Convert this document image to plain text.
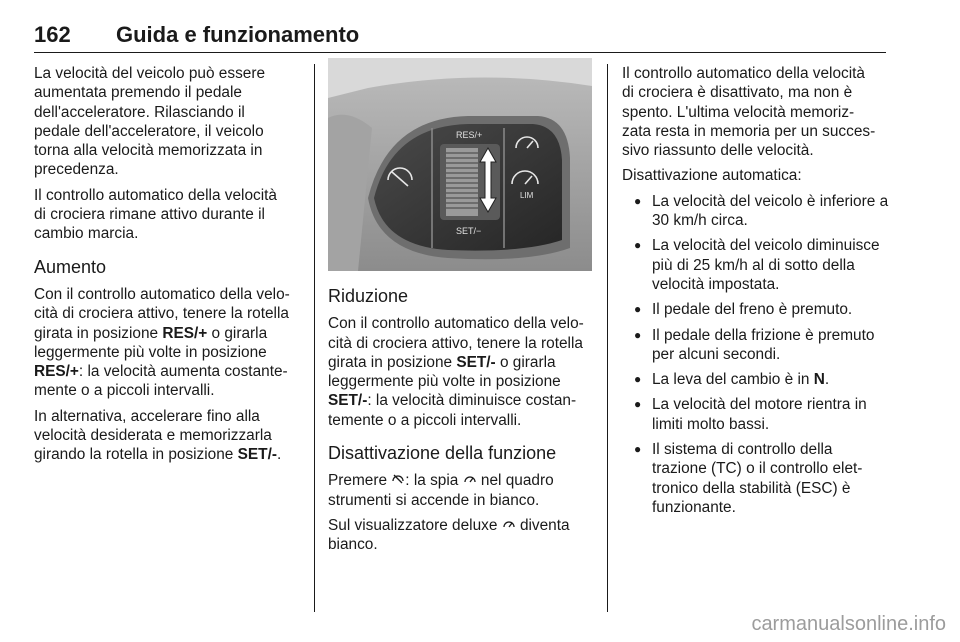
162 Guida e funzionamento

La velocità del veicolo può essere
aumentata premendo il pedale
dell'acceleratore. Rilasciando il
pedale dell'acceleratore, il veicolo
torna alla velocità memorizzata in
precedenza.

Il controllo automatico della velocità
di crociera rimane attivo durante il
cambio marcia.

Aumento

Con il controllo automatico della velo-
cità di crociera attivo, tenere la rotella
girata in posizione RES/+ o girarla
leggermente più volte in posizione
RES/+: la velocità aumenta costante-
mente o a piccoli intervalli.

In alternativa, accelerare fino alla
velocità desiderata e memorizzarla
girando la rotella in posizione SET/-.

RES/+
SET/−
LIM
Riduzione

Con il controllo automatico della velo-
cità di crociera attivo, tenere la rotella
girata in posizione SET/- o girarla
leggermente più volte in posizione
SET/-: la velocità diminuisce costan-
temente o a piccoli intervalli.

Disattivazione della funzione

Premere : la spia  nel quadro
strumenti si accende in bianco.

Sul visualizzatore deluxe  diventa
bianco.

Il controllo automatico della velocità
di crociera è disattivato, ma non è
spento. L'ultima velocità memoriz-
zata resta in memoria per un succes-
sivo riassunto delle velocità.

Disattivazione automatica:

● La velocità del veicolo è inferiore a 30 km/h circa.
● La velocità del veicolo diminuisce più di 25 km/h al di sotto della velocità impostata.
● Il pedale del freno è premuto.
● Il pedale della frizione è premuto per alcuni secondi.
● La leva del cambio è in N.
● La velocità del motore rientra in limiti molto bassi.
● Il sistema di controllo della trazione (TC) o il controllo elet- tronico della stabilità (ESC) è funzionante.
carmanualsonline.info
